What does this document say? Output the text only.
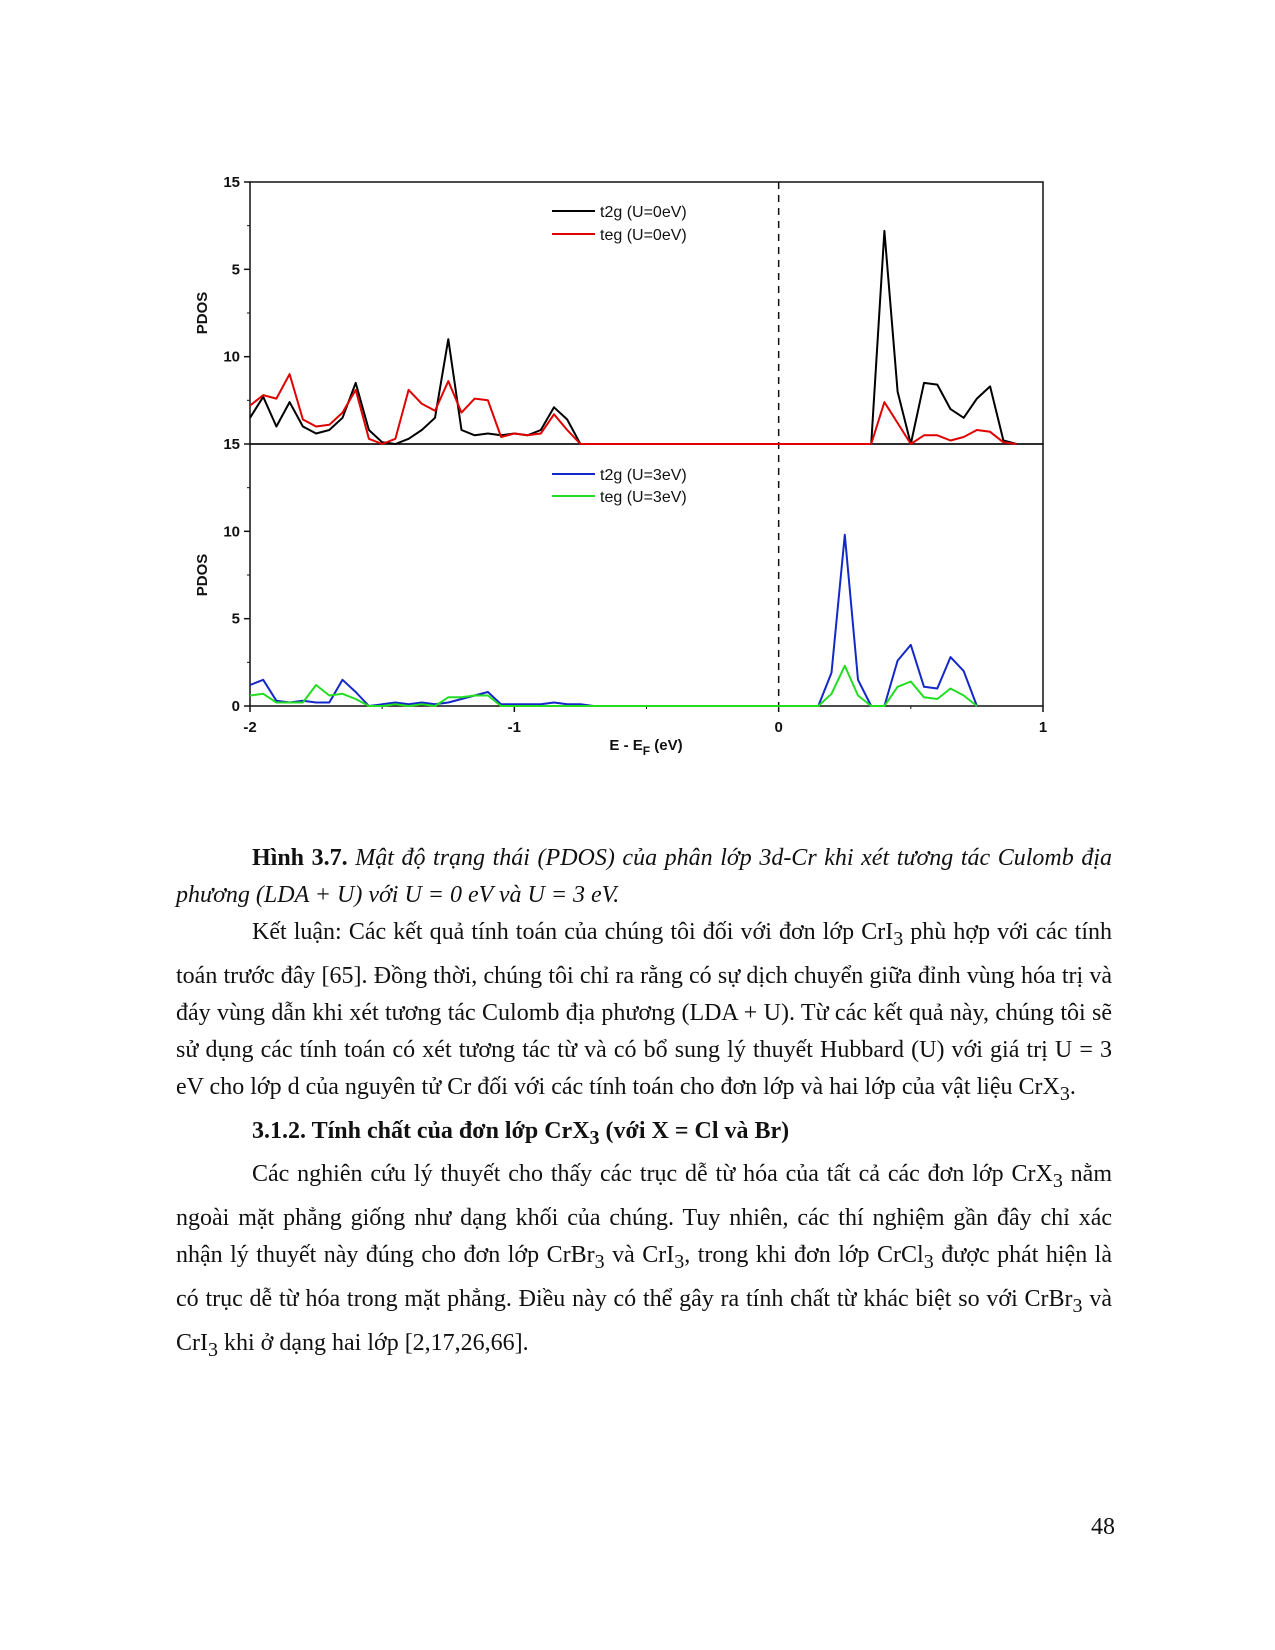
15
10
5
15
0
5
10
-2	-1	0	1
PDOS
PDOS
E - $E_F$ (eV)
t2g (U=0eV)
teg (U=0eV)
t2g (U=3eV)
teg (U=3eV)
Hình 3.7. Mật độ trạng thái (PDOS) của phân lớp 3d-Cr khi xét tương tác Culomb địa phương (LDA + U) với U = 0 eV và U = 3 eV.

Kết luận: Các kết quả tính toán của chúng tôi đối với đơn lớp CrI$_3$ phù hợp với các tính toán trước đây [65]. Đồng thời, chúng tôi chỉ ra rằng có sự dịch chuyển giữa đỉnh vùng hóa trị và đáy vùng dẫn khi xét tương tác Culomb địa phương (LDA + U). Từ các kết quả này, chúng tôi sẽ sử dụng các tính toán có xét tương tác từ và có bổ sung lý thuyết Hubbard (U) với giá trị U = 3 eV cho lớp d của nguyên tử Cr đối với các tính toán cho đơn lớp và hai lớp của vật liệu CrX$_3$.

3.1.2. Tính chất của đơn lớp CrX$_3$ (với X = Cl và Br)

Các nghiên cứu lý thuyết cho thấy các trục dễ từ hóa của tất cả các đơn lớp CrX$_3$ nằm ngoài mặt phẳng giống như dạng khối của chúng. Tuy nhiên, các thí nghiệm gần đây chỉ xác nhận lý thuyết này đúng cho đơn lớp CrBr$_3$ và CrI$_3$, trong khi đơn lớp CrCl$_3$ được phát hiện là có trục dễ từ hóa trong mặt phẳng. Điều này có thể gây ra tính chất từ khác biệt so với CrBr$_3$ và CrI$_3$ khi ở dạng hai lớp [2,17,26,66].

48
